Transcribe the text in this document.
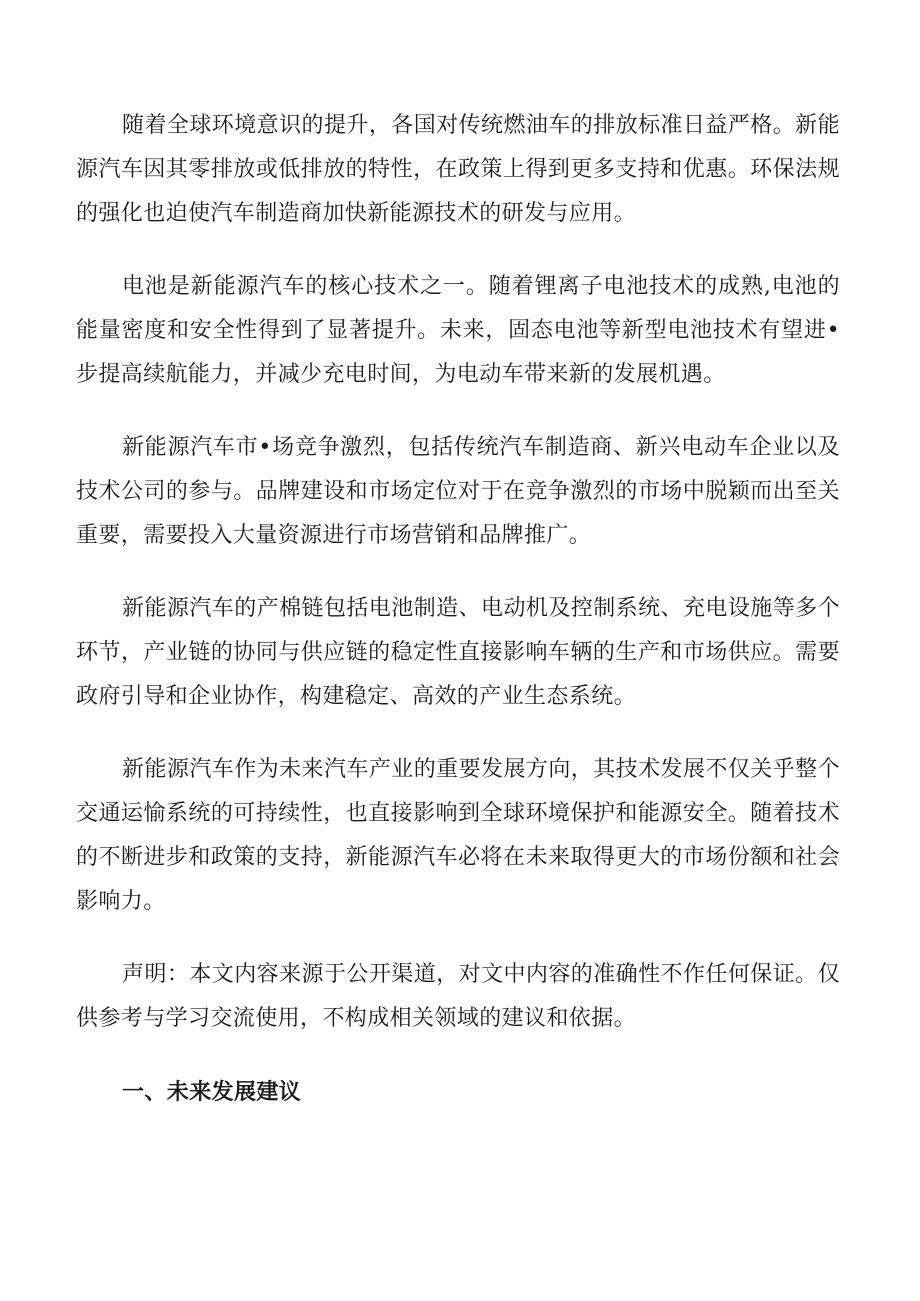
随着全球环境意识的提升，各国对传统燃油车的排放标准日益严格。新能源汽车因其零排放或低排放的特性，在政策上得到更多支持和优惠。环保法规的强化也迫使汽车制造商加快新能源技术的研发与应用。

电池是新能源汽车的核心技术之一。随着锂离子电池技术的成熟,电池的能量密度和安全性得到了显著提升。未来，固态电池等新型电池技术有望进•步提高续航能力，并减少充电时间，为电动车带来新的发展机遇。

新能源汽车市•场竞争激烈，包括传统汽车制造商、新兴电动车企业以及技术公司的参与。品牌建设和市场定位对于在竞争激烈的市场中脱颖而出至关重要，需要投入大量资源进行市场营销和品牌推广。

新能源汽车的产棉链包括电池制造、电动机及控制系统、充电设施等多个环节，产业链的协同与供应链的稳定性直接影响车辆的生产和市场供应。需要政府引导和企业协作，构建稳定、高效的产业生态系统。

新能源汽车作为未来汽车产业的重要发展方向，其技术发展不仅关乎整个交通运愉系统的可持续性，也直接影响到全球环境保护和能源安全。随着技术的不断进步和政策的支持，新能源汽车必将在未来取得更大的市场份额和社会影响力。

声明：本文内容来源于公开渠道，对文中内容的准确性不作任何保证。仅供参考与学习交流使用，不构成相关领域的建议和依据。

一、未来发展建议
